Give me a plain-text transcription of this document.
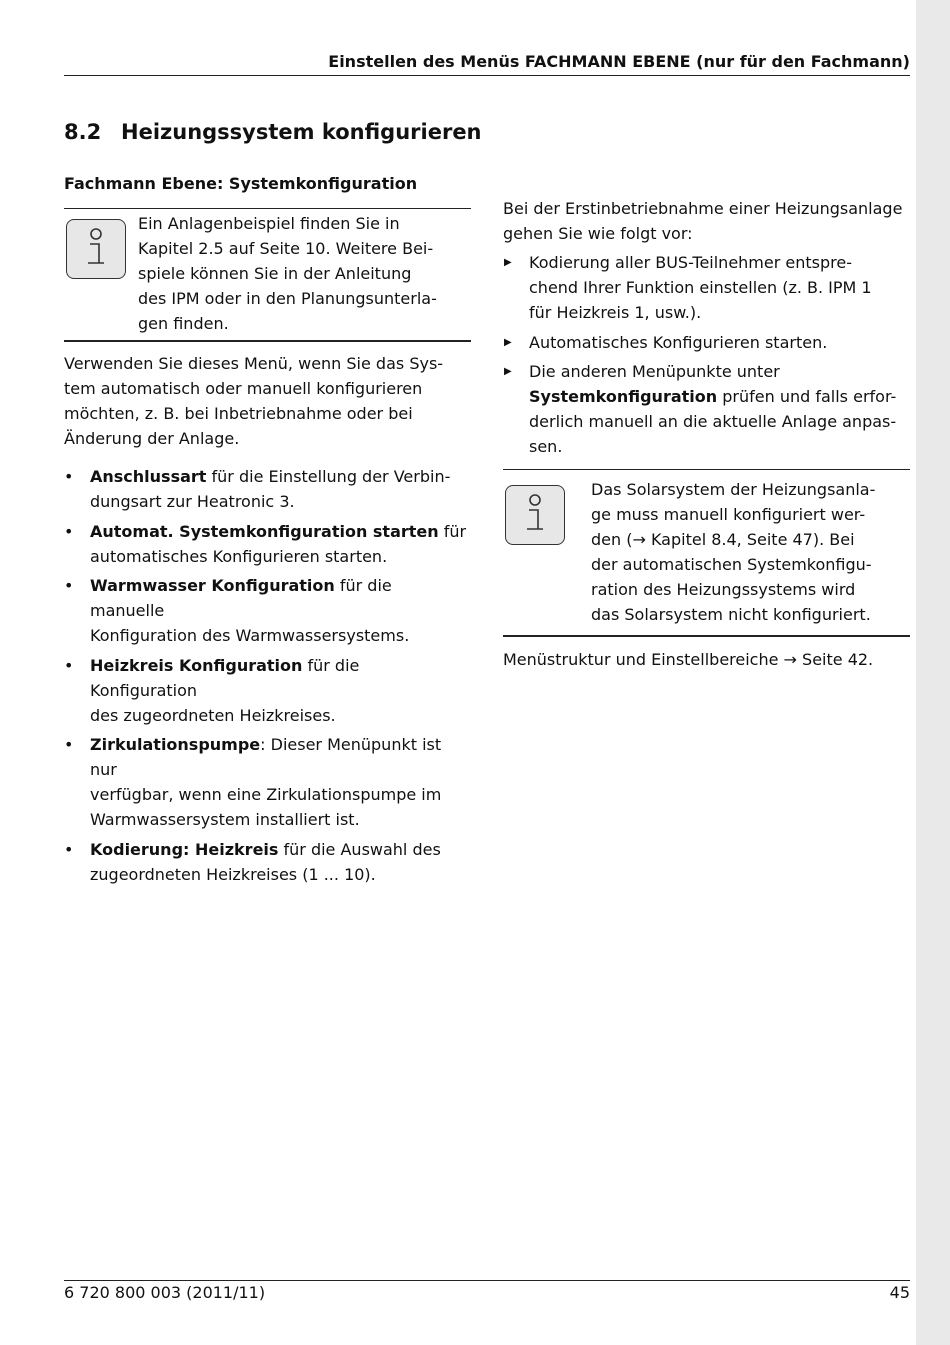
Einstellen des Menüs FACHMANN EBENE (nur für den Fachmann)
8.2 Heizungssystem konfigurieren
Fachmann Ebene: Systemkonfiguration
Ein Anlagenbeispiel finden Sie in
Kapitel 2.5 auf Seite 10. Weitere Bei-
spiele können Sie in der Anleitung
des IPM oder in den Planungsunterla-
gen finden.
Verwenden Sie dieses Menü, wenn Sie das Sys-
tem automatisch oder manuell konfigurieren
möchten, z. B. bei Inbetriebnahme oder bei
Änderung der Anlage.
• Anschlussart für die Einstellung der Verbin-
dungsart zur Heatronic 3.
• Automat. Systemkonfiguration starten für
automatisches Konfigurieren starten.
• Warmwasser Konfiguration für die manuelle
Konfiguration des Warmwassersystems.
• Heizkreis Konfiguration für die Konfiguration
des zugeordneten Heizkreises.
• Zirkulationspumpe: Dieser Menüpunkt ist nur
verfügbar, wenn eine Zirkulationspumpe im
Warmwassersystem installiert ist.
• Kodierung: Heizkreis für die Auswahl des
zugeordneten Heizkreises (1 ... 10).
Bei der Erstinbetriebnahme einer Heizungsanlage
gehen Sie wie folgt vor:
▶ Kodierung aller BUS-Teilnehmer entspre-
chend Ihrer Funktion einstellen (z. B. IPM 1
für Heizkreis 1, usw.).
▶ Automatisches Konfigurieren starten.
▶ Die anderen Menüpunkte unter
Systemkonfiguration prüfen und falls erfor-
derlich manuell an die aktuelle Anlage anpas-
sen.
Das Solarsystem der Heizungsanla-
ge muss manuell konfiguriert wer-
den (→ Kapitel 8.4, Seite 47). Bei
der automatischen Systemkonfigu-
ration des Heizungssystems wird
das Solarsystem nicht konfiguriert.
Menüstruktur und Einstellbereiche → Seite 42.
6 720 800 003 (2011/11)	45
